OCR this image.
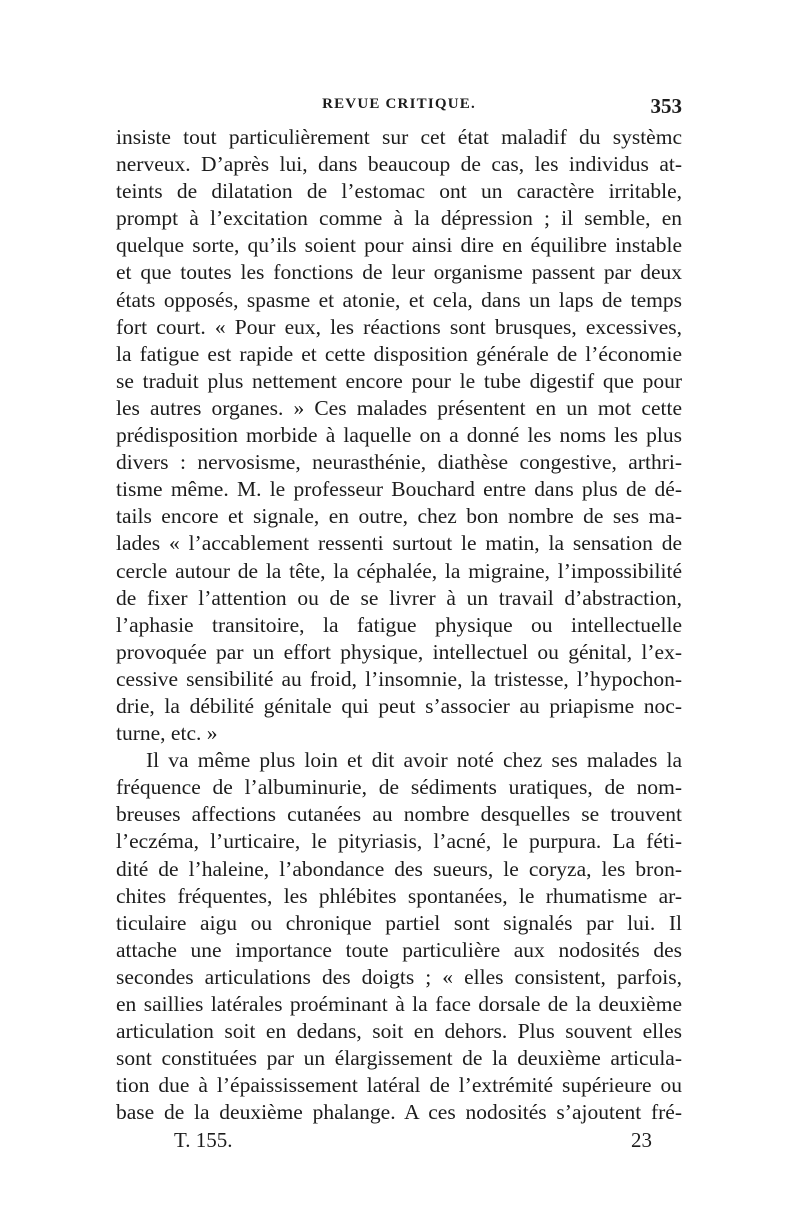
REVUE CRITIQUE.	353
insiste tout particulièrement sur cet état maladif du systèmc
nerveux. D’après lui, dans beaucoup de cas, les individus at-
teints de dilatation de l’estomac ont un caractère irritable,
prompt à l’excitation comme à la dépression ; il semble, en
quelque sorte, qu’ils soient pour ainsi dire en équilibre instable
et que toutes les fonctions de leur organisme passent par deux
états opposés, spasme et atonie, et cela, dans un laps de temps
fort court. « Pour eux, les réactions sont brusques, excessives,
la fatigue est rapide et cette disposition générale de l’économie
se traduit plus nettement encore pour le tube digestif que pour
les autres organes. » Ces malades présentent en un mot cette
prédisposition morbide à laquelle on a donné les noms les plus
divers : nervosisme, neurasthénie, diathèse congestive, arthri-
tisme même. M. le professeur Bouchard entre dans plus de dé-
tails encore et signale, en outre, chez bon nombre de ses ma-
lades « l’accablement ressenti surtout le matin, la sensation de
cercle autour de la tête, la céphalée, la migraine, l’impossibilité
de fixer l’attention ou de se livrer à un travail d’abstraction,
l’aphasie transitoire, la fatigue physique ou intellectuelle
provoquée par un effort physique, intellectuel ou génital, l’ex-
cessive sensibilité au froid, l’insomnie, la tristesse, l’hypochon-
drie, la débilité génitale qui peut s’associer au priapisme noc-
turne, etc. »
Il va même plus loin et dit avoir noté chez ses malades la
fréquence de l’albuminurie, de sédiments uratiques, de nom-
breuses affections cutanées au nombre desquelles se trouvent
l’eczéma, l’urticaire, le pityriasis, l’acné, le purpura. La féti-
dité de l’haleine, l’abondance des sueurs, le coryza, les bron-
chites fréquentes, les phlébites spontanées, le rhumatisme ar-
ticulaire aigu ou chronique partiel sont signalés par lui. Il
attache une importance toute particulière aux nodosités des
secondes articulations des doigts ; « elles consistent, parfois,
en saillies latérales proéminant à la face dorsale de la deuxième
articulation soit en dedans, soit en dehors. Plus souvent elles
sont constituées par un élargissement de la deuxième articula-
tion due à l’épaississement latéral de l’extrémité supérieure ou
base de la deuxième phalange. A ces nodosités s’ajoutent fré-
T. 155.	23
